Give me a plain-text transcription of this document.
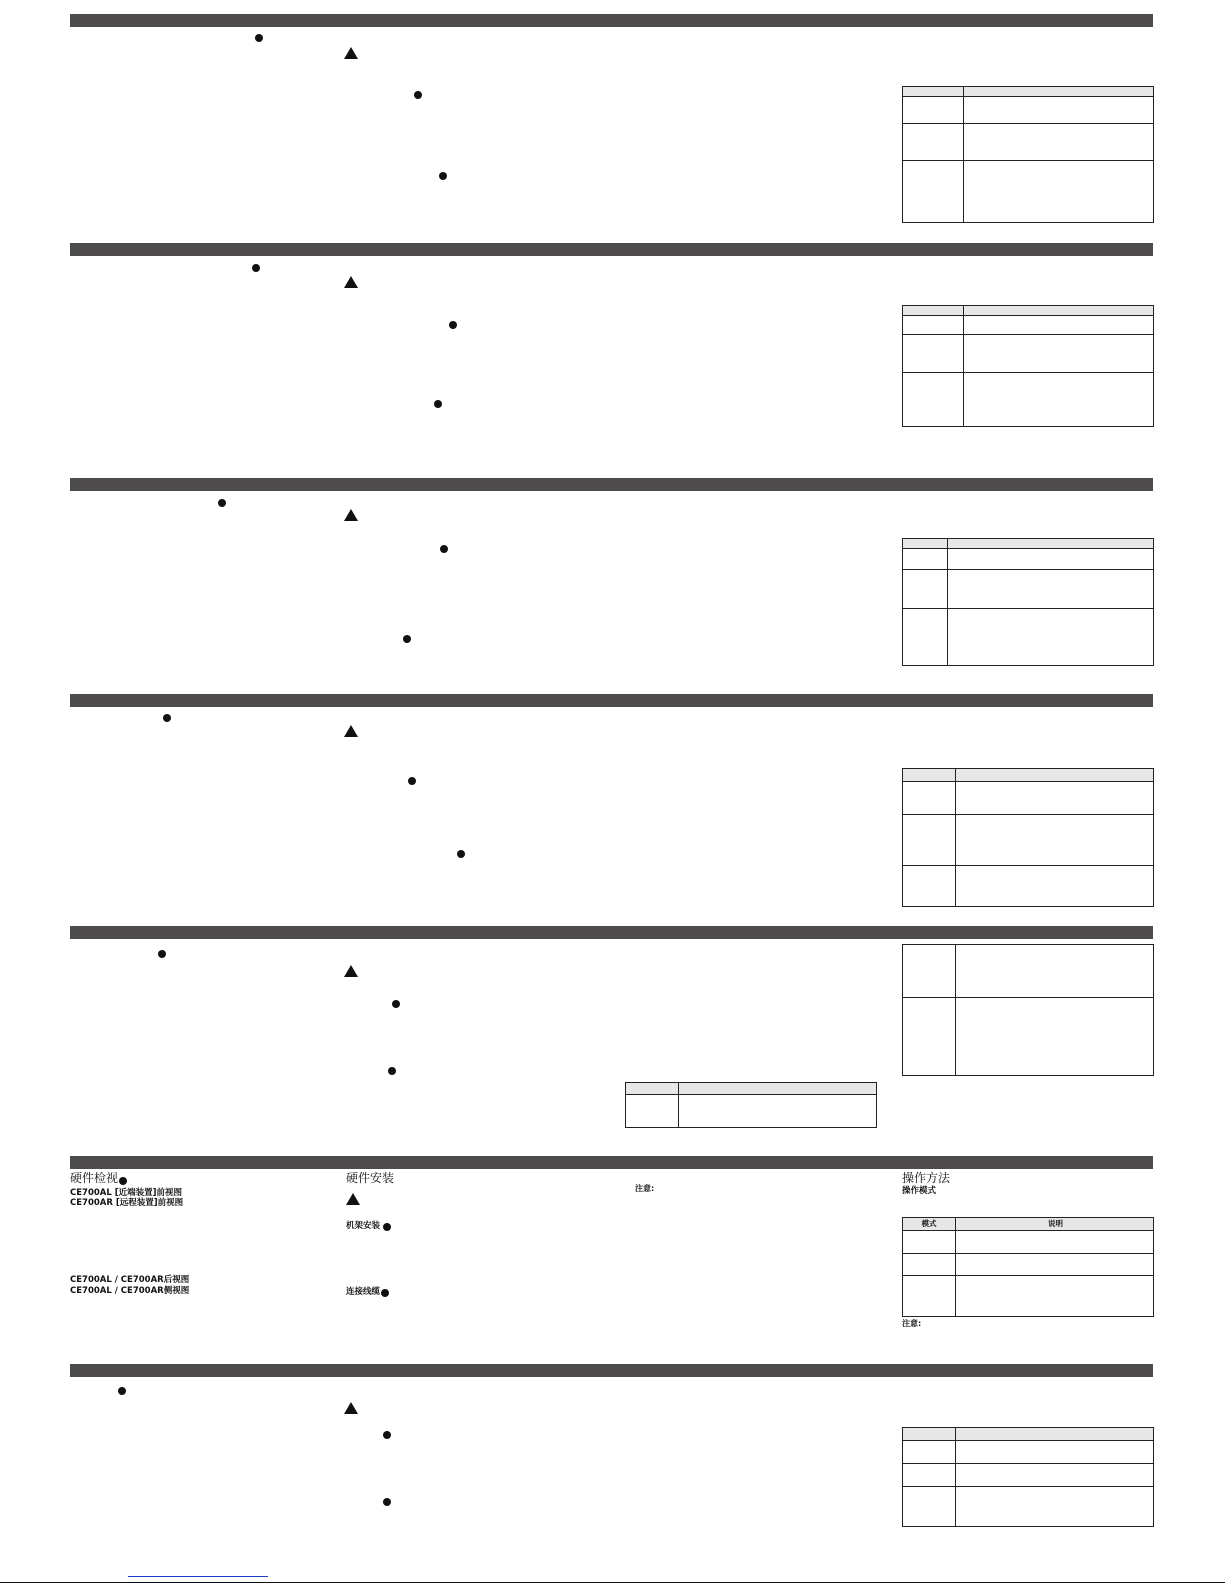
硬件检视
CE700AL [近端装置]前视图
CE700AR [远程装置]前视图
CE700AL / CE700AR后视图
CE700AL / CE700AR侧视图
硬件安装
机架安装
连接线缆
注意:
操作方法
操作模式
模式	说明
注意:
